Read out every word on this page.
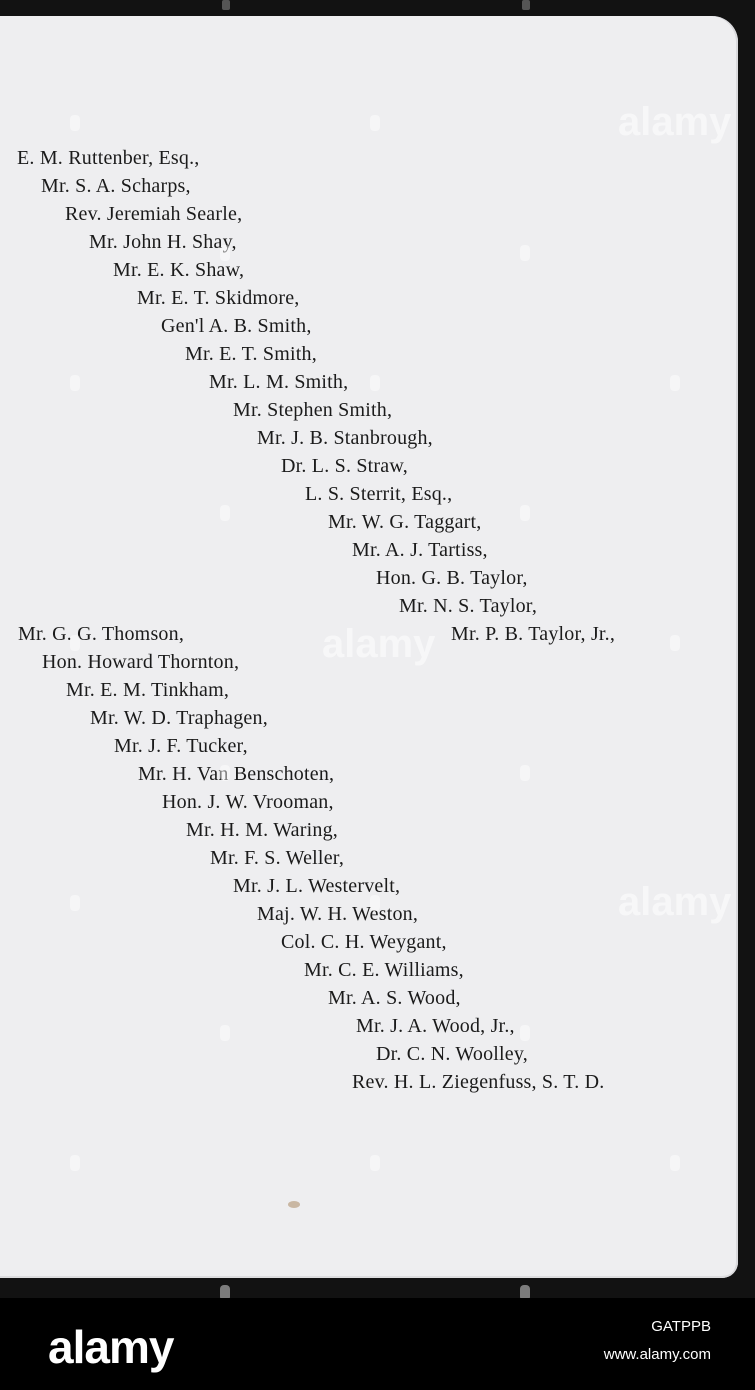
E. M. Ruttenber, Esq.,
Mr. S. A. Scharps,
Rev. Jeremiah Searle,
Mr. John H. Shay,
Mr. E. K. Shaw,
Mr. E. T. Skidmore,
Gen'l A. B. Smith,
Mr. E. T. Smith,
Mr. L. M. Smith,
Mr. Stephen Smith,
Mr. J. B. Stanbrough,
Dr. L. S. Straw,
L. S. Sterrit, Esq.,
Mr. W. G. Taggart,
Mr. A. J. Tartiss,
Hon. G. B. Taylor,
Mr. N. S. Taylor,
Mr. P. B. Taylor, Jr.,
Mr. G. G. Thomson,
Hon. Howard Thornton,
Mr. E. M. Tinkham,
Mr. W. D. Traphagen,
Mr. J. F. Tucker,
Mr. H. Van Benschoten,
Hon. J. W. Vrooman,
Mr. H. M. Waring,
Mr. F. S. Weller,
Mr. J. L. Westervelt,
Maj. W. H. Weston,
Col. C. H. Weygant,
Mr. C. E. Williams,
Mr. A. S. Wood,
Mr. J. A. Wood, Jr.,
Dr. C. N. Woolley,
Rev. H. L. Ziegenfuss, S. T. D.
alamy
alamy
alamy
alamy	GATPPB
www.alamy.com
